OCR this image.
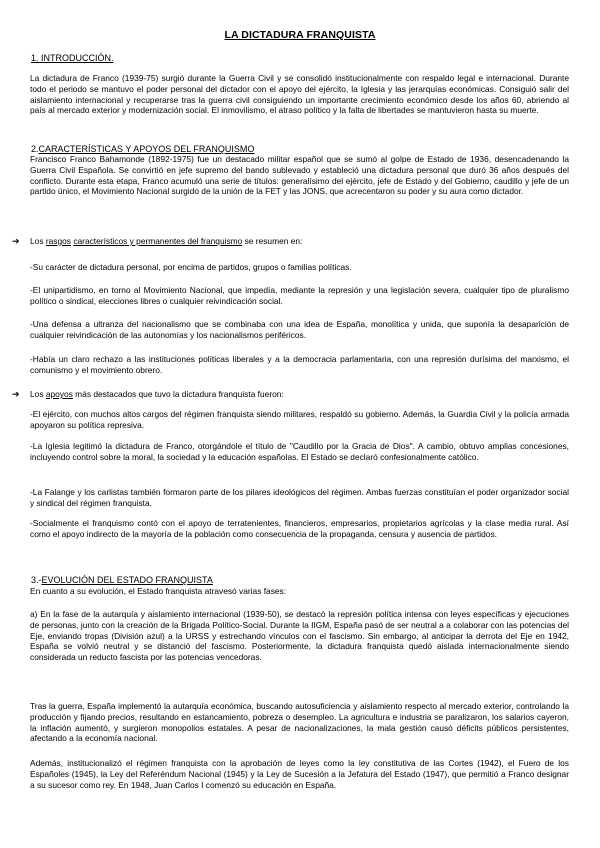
LA DICTADURA FRANQUISTA
1. INTRODUCCIÓN.

La dictadura de Franco (1939-75) surgió durante la Guerra Civil y se consolidó institucionalmente con respaldo legal e internacional. Durante todo el periodo se mantuvo el poder personal del dictador con el apoyo del ejército, la Iglesia y las jerarquías económicas. Consiguió salir del aislamiento internacional y recuperarse tras la guerra civil consiguiendo un importante crecimiento económico desde los años 60, abriendo al país al mercado exterior y modernización social. El inmovilismo, el atraso político y la falta de libertades se mantuvieron hasta su muerte.

2.CARACTERÍSTICAS Y APOYOS DEL FRANQUISMO

Francisco Franco Bahamonde (1892-1975) fue un destacado militar español que se sumó al golpe de Estado de 1936, desencadenando la Guerra Civil Española. Se convirtió en jefe supremo del bando sublevado y estableció una dictadura personal que duró 36 años después del conflicto. Durante esta etapa, Franco acumuló una serie de títulos: generalísimo del ejército, jefe de Estado y del Gobierno, caudillo y jefe de un partido único, el Movimiento Nacional surgido de la unión de la FET y las JONS, que acrecentaron su poder y su aura como dictador.

➔ Los rasgos característicos y permanentes del franquismo se resumen en:

-Su carácter de dictadura personal, por encima de partidos, grupos o familias políticas.

-El unipartidismo, en torno al Movimiento Nacional, que impedía, mediante la represión y una legislación severa, cualquier tipo de pluralismo político o sindical, elecciones libres o cualquier reivindicación social.

-Una defensa a ultranza del nacionalismo que se combinaba con una idea de España, monolítica y unida, que suponía la desaparición de cualquier reivindicación de las autonomías y los nacionalismos periféricos.

-Había un claro rechazo a las instituciones políticas liberales y a la democracia parlamentaria, con una represión durísima del marxismo, el comunismo y el movimiento obrero.

➔ Los apoyos más destacados que tuvo la dictadura franquista fueron:

-El ejército, con muchos altos cargos del régimen franquista siendo militares, respaldó su gobierno. Además, la Guardia Civil y la policía armada apoyaron su política represiva.

-La Iglesia legitimó la dictadura de Franco, otorgándole el título de "Caudillo por la Gracia de Dios". A cambio, obtuvo amplias concesiones, incluyendo control sobre la moral, la sociedad y la educación españolas. El Estado se declaró confesionalmente católico.

-La Falange y los carlistas también formaron parte de los pilares ideológicos del régimen. Ambas fuerzas constituían el poder organizador social y sindical del régimen franquista.

-Socialmente el franquismo contó con el apoyo de terratenientes, financieros, empresarios, propietarios agrícolas y la clase media rural. Así como el apoyo indirecto de la mayoría de la población como consecuencia de la propaganda, censura y ausencia de partidos.

3.-EVOLUCIÓN DEL ESTADO FRANQUISTA

En cuanto a su evolución, el Estado franquista atravesó varias fases:

a) En la fase de la autarquía y aislamiento internacional (1939-50), se destacó la represión política intensa con leyes específicas y ejecuciones de personas, junto con la creación de la Brigada Político-Social. Durante la IIGM, España pasó de ser neutral a a colaborar con las potencias del Eje, enviando tropas (División azul) a la URSS y estrechando vínculos con el fascismo. Sin embargo, al anticipar la derrota del Eje en 1942, España se volvió neutral y se distanció del fascismo. Posteriormente, la dictadura franquista quedó aislada internacionalmente siendo considerada un reducto fascista por las potencias vencedoras.

Tras la guerra, España implementó la autarquía económica, buscando autosuficiencia y aislamiento respecto al mercado exterior, controlando la producción y fijando precios, resultando en estancamiento, pobreza o desempleo. La agricultura e industria se paralizaron, los salarios cayeron, la inflación aumentó, y surgieron monopolios estatales. A pesar de nacionalizaciones, la mala gestión causó déficits públicos persistentes, afectando a la economía nacional.

Además, institucionalizó el régimen franquista con la aprobación de leyes como la ley constitutiva de las Cortes (1942), el Fuero de los Españoles (1945), la Ley del Referéndum Nacional (1945) y la Ley de Sucesión a la Jefatura del Estado (1947), que permitió a Franco designar a su sucesor como rey. En 1948, Juan Carlos I comenzó su educación en España.
